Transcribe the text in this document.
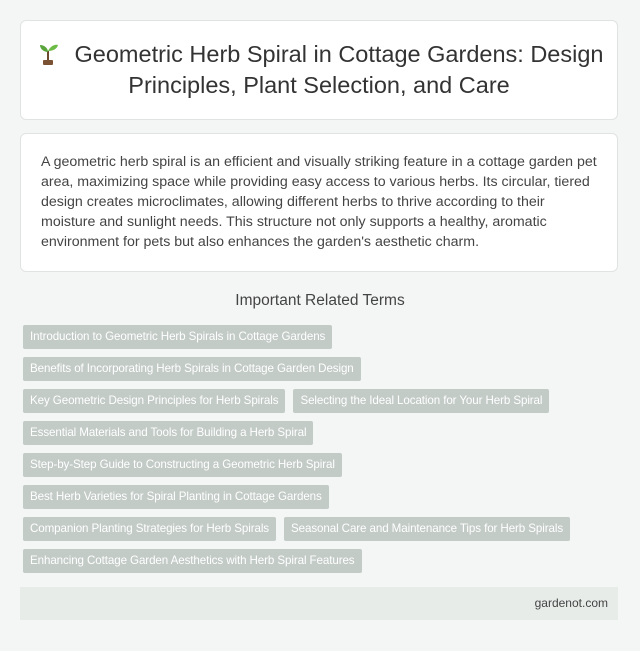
Geometric Herb Spiral in Cottage Gardens: Design Principles, Plant Selection, and Care

A geometric herb spiral is an efficient and visually striking feature in a cottage garden pet area, maximizing space while providing easy access to various herbs. Its circular, tiered design creates microclimates, allowing different herbs to thrive according to their moisture and sunlight needs. This structure not only supports a healthy, aromatic environment for pets but also enhances the garden's aesthetic charm.

Important Related Terms
Introduction to Geometric Herb Spirals in Cottage Gardens
Benefits of Incorporating Herb Spirals in Cottage Garden Design
Key Geometric Design Principles for Herb Spirals	Selecting the Ideal Location for Your Herb Spiral
Essential Materials and Tools for Building a Herb Spiral
Step-by-Step Guide to Constructing a Geometric Herb Spiral
Best Herb Varieties for Spiral Planting in Cottage Gardens
Companion Planting Strategies for Herb Spirals	Seasonal Care and Maintenance Tips for Herb Spirals
Enhancing Cottage Garden Aesthetics with Herb Spiral Features
gardenot.com
